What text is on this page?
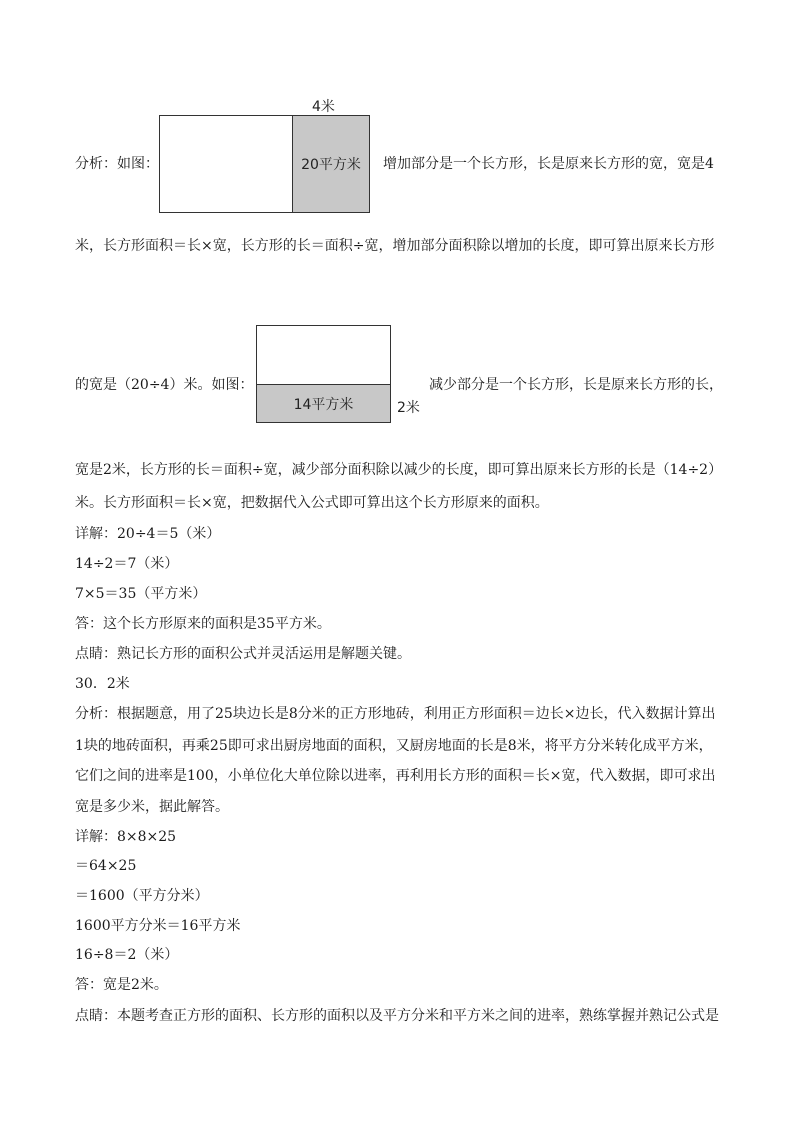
4米
20平方米
分析：如图：	增加部分是一个长方形，长是原来长方形的宽，宽是4
米，长方形面积＝长×宽，长方形的长＝面积÷宽，增加部分面积除以增加的长度，即可算出原来长方形
14平方米	2米
的宽是（20÷4）米。如图：	减少部分是一个长方形，长是原来长方形的长，
宽是2米，长方形的长＝面积÷宽，减少部分面积除以减少的长度，即可算出原来长方形的长是（14÷2）
米。长方形面积＝长×宽，把数据代入公式即可算出这个长方形原来的面积。
详解：20÷4＝5（米）
14÷2＝7（米）
7×5＝35（平方米）
答：这个长方形原来的面积是35平方米。
点睛：熟记长方形的面积公式并灵活运用是解题关键。
30．2米
分析：根据题意，用了25块边长是8分米的正方形地砖，利用正方形面积＝边长×边长，代入数据计算出
1块的地砖面积，再乘25即可求出厨房地面的面积，又厨房地面的长是8米，将平方分米转化成平方米，
它们之间的进率是100，小单位化大单位除以进率，再利用长方形的面积＝长×宽，代入数据，即可求出
宽是多少米，据此解答。
详解：8×8×25
＝64×25
＝1600（平方分米）
1600平方分米＝16平方米
16÷8＝2（米）
答：宽是2米。
点睛：本题考查正方形的面积、长方形的面积以及平方分米和平方米之间的进率，熟练掌握并熟记公式是
